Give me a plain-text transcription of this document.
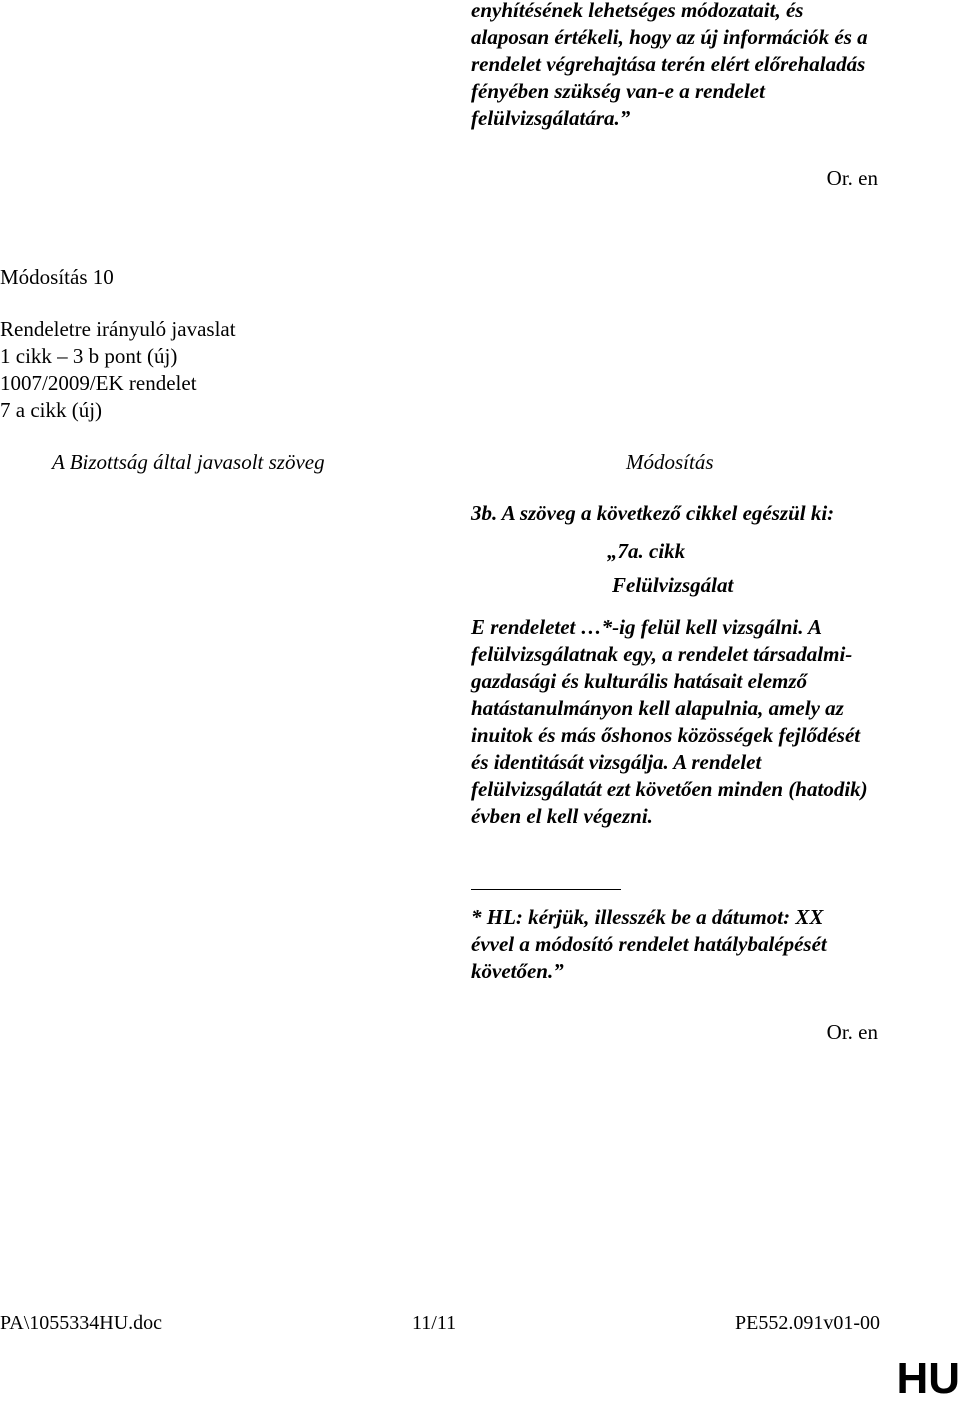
enyhítésének lehetséges módozatait, és alaposan értékeli, hogy az új információk és a rendelet végrehajtása terén elért előrehaladás fényében szükség van-e a rendelet felülvizsgálatára.”
Or. en
Módosítás 10
Rendeletre irányuló javaslat
1 cikk – 3 b pont (új)
1007/2009/EK rendelet
7 a cikk (új)
A Bizottság által javasolt szöveg	Módosítás
3b. A szöveg a következő cikkel egészül ki:
„7a. cikk
Felülvizsgálat
E rendeletet …*-ig felül kell vizsgálni. A felülvizsgálatnak egy, a rendelet társadalmi-gazdasági és kulturális hatásait elemző hatástanulmányon kell alapulnia, amely az inuitok és más őshonos közösségek fejlődését és identitását vizsgálja. A rendelet felülvizsgálatát ezt követően minden (hatodik) évben el kell végezni.
* HL: kérjük, illesszék be a dátumot: XX évvel a módosító rendelet hatálybalépését követően.”
Or. en
PA\1055334HU.doc	11/11	PE552.091v01-00
HU
